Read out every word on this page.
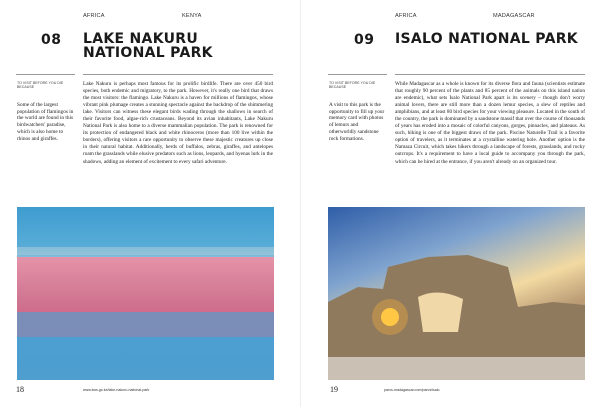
AFRICA	KENYA
08 LAKE NAKURU
NATIONAL PARK
TO VISIT BEFORE YOU DIE BECAUSE
Some of the largest population of flamingos in the world are found in this birdwatchers' paradise, which is also home to rhinos and giraffes.
Lake Nakuru is perhaps most famous for its prolific birdlife. There are over 450 bird species, both endemic and migratory, to the park. However, it's really one bird that draws the most visitors: the flamingo. Lake Nakuru is a haven for millions of flamingos, whose vibrant pink plumage creates a stunning spectacle against the backdrop of the shimmering lake. Visitors can witness these elegant birds wading through the shallows in search of their favorite food, algae-rich crustaceans. Beyond its avian inhabitants, Lake Nakuru National Park is also home to a diverse mammalian population. The park is renowned for its protection of endangered black and white rhinoceros (more than 100 live within the borders), offering visitors a rare opportunity to observe these majestic creatures up close in their natural habitat. Additionally, herds of buffalos, zebras, giraffes, and antelopes roam the grasslands while elusive predators such as lions, leopards, and hyenas lurk in the shadows, adding an element of excitement to every safari adventure.
18	www.kws.go.ke/lake-nakuru-national-park
AFRICA	MADAGASCAR
09 ISALO NATIONAL PARK
TO VISIT BEFORE YOU DIE BECAUSE
A visit to this park is the opportunity to fill up your memory card with photos of lemurs and otherworldly sandstone rock formations.
While Madagascar as a whole is known for its diverse flora and fauna (scientists estimate that roughly 90 percent of the plants and 85 percent of the animals on this island nation are endemic), what sets Isalo National Park apart is its scenery – though don't worry animal lovers, there are still more than a dozen lemur species, a slew of reptiles and amphibians, and at least 80 bird species for your viewing pleasure. Located in the south of the country, the park is dominated by a sandstone massif that over the course of thousands of years has eroded into a mosaic of colorful canyons, gorges, pinnacles, and plateaus. As such, hiking is one of the biggest draws of the park. Piscine Naturelle Trail is a favorite option of travelers, as it terminates at a crystalline watering hole. Another option is the Namaza Circuit, which takes hikers through a landscape of forests, grasslands, and rocky outcrops. It's a requirement to have a local guide to accompany you through the park, which can be hired at the entrance, if you aren't already on an organized tour.
19	parcs-madagascar.com/parcs/isalo
